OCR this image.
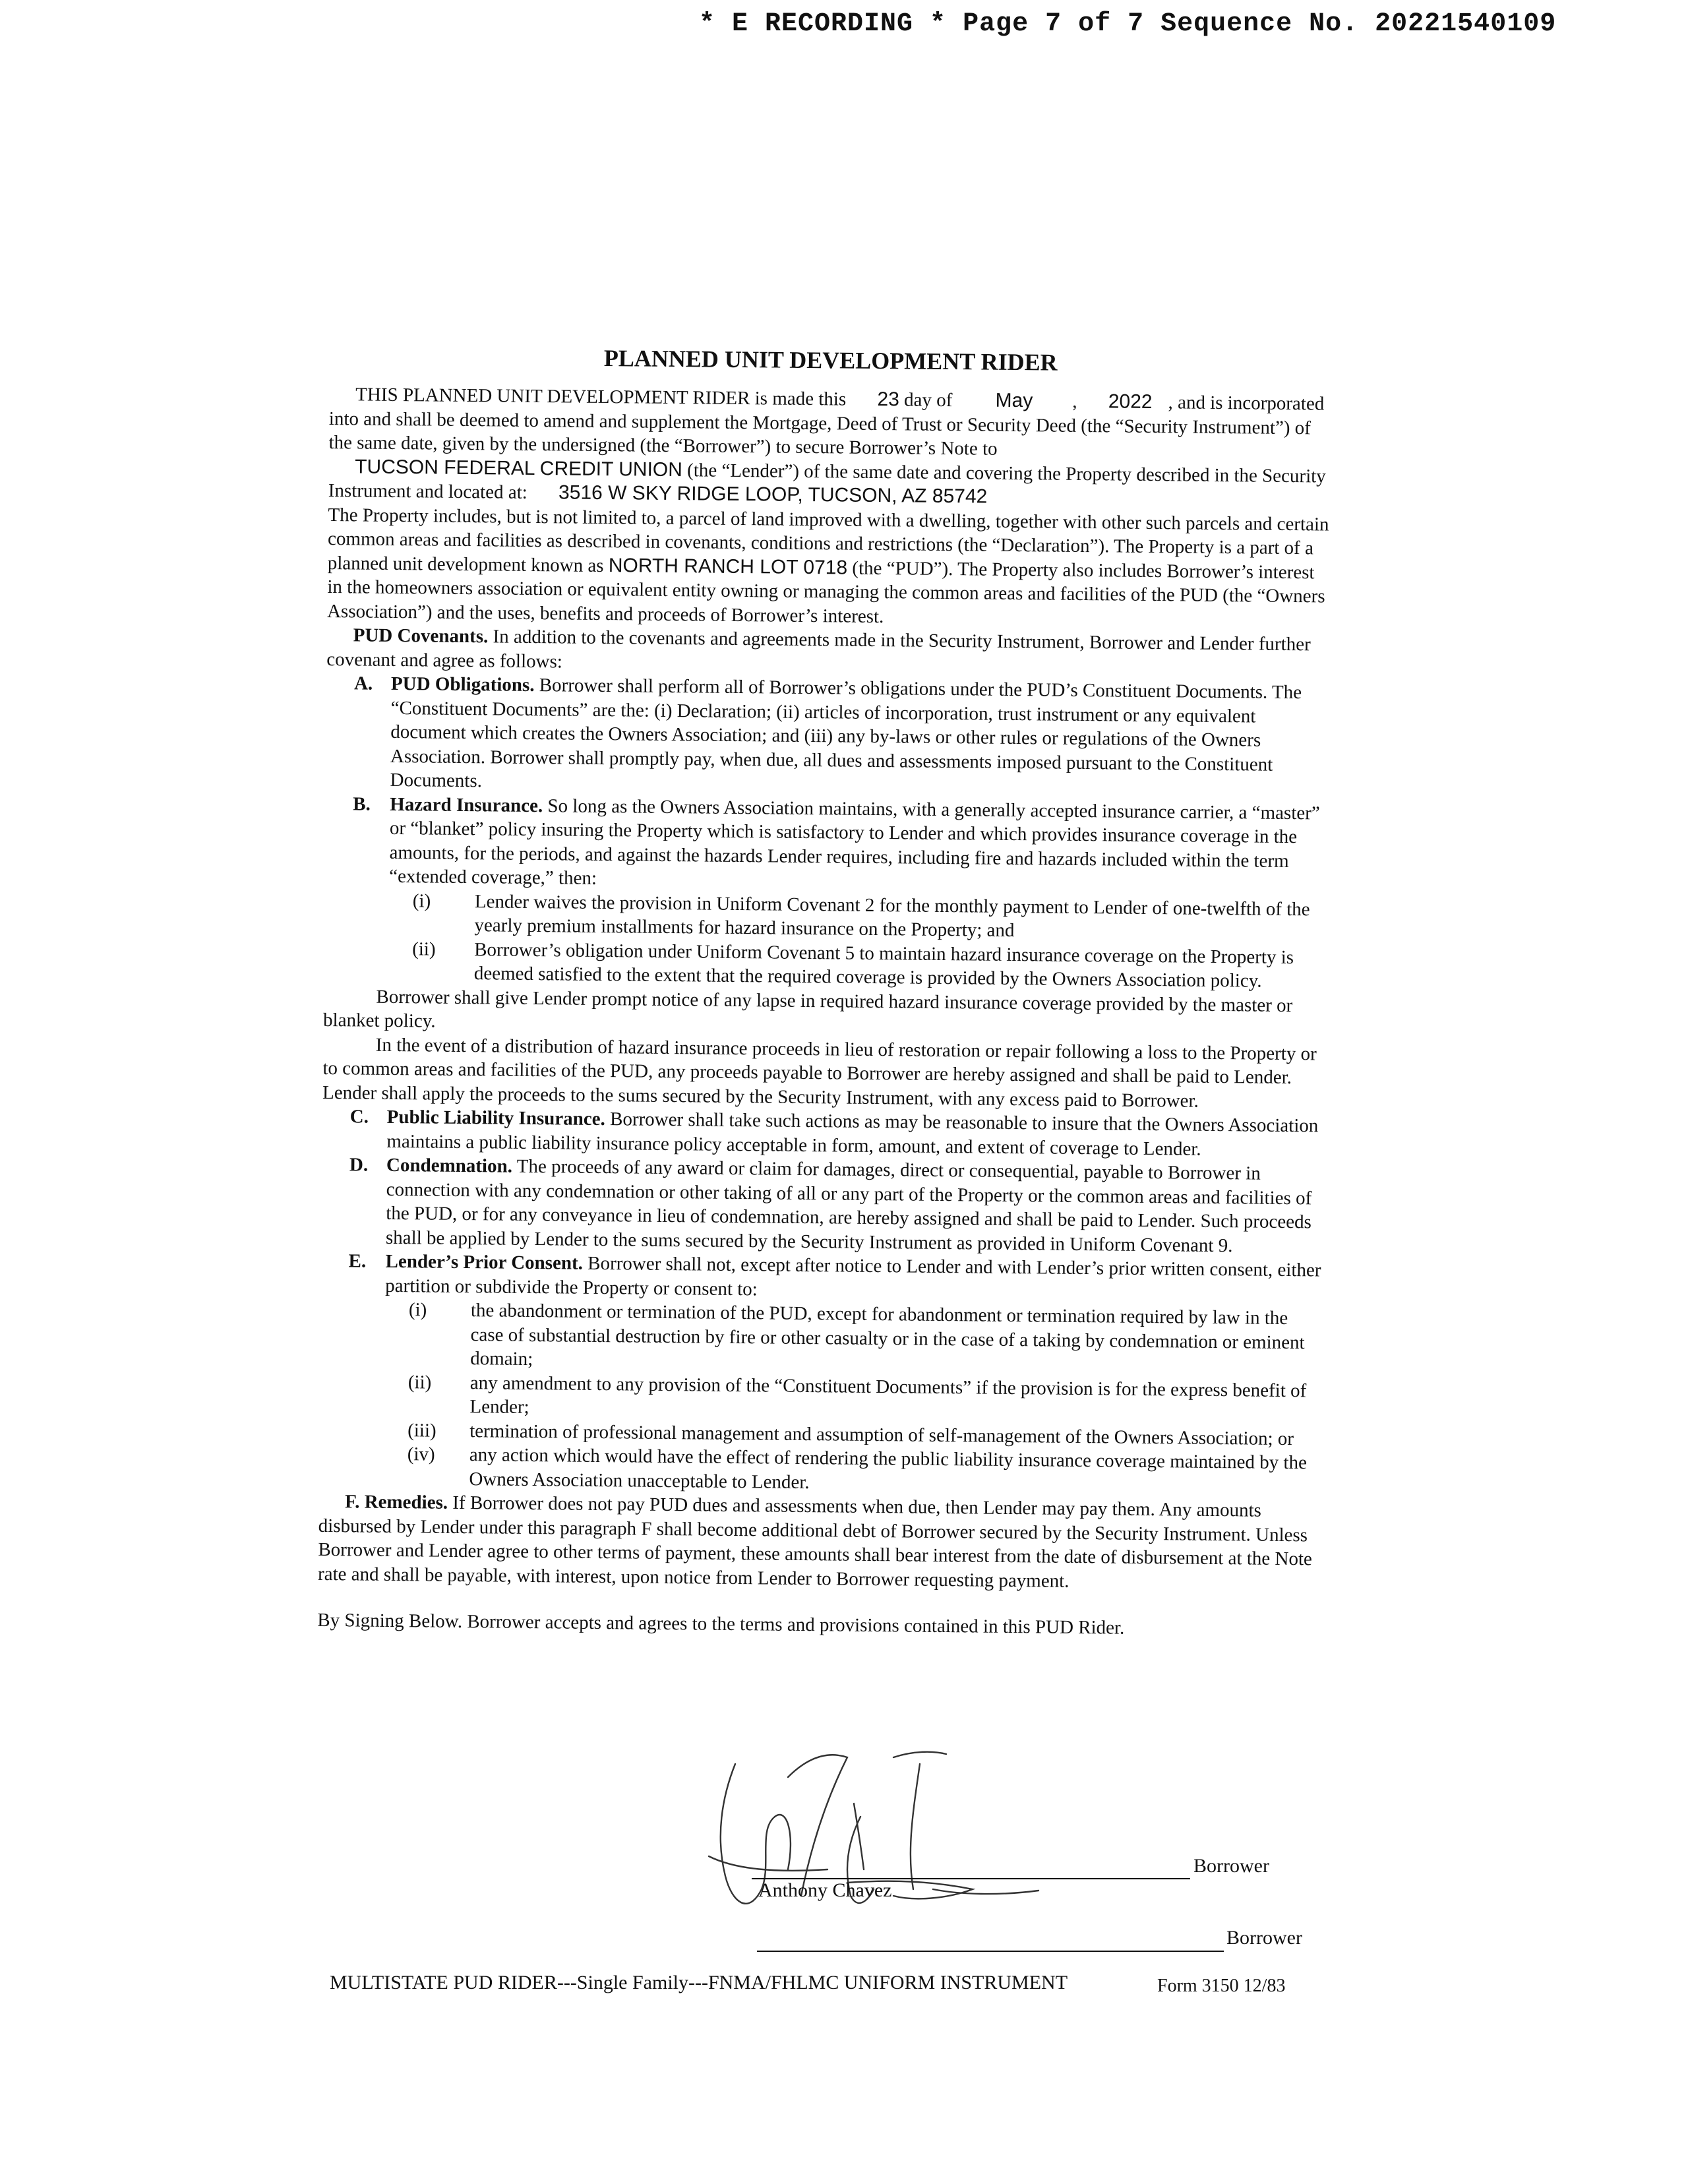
* E RECORDING * Page 7 of 7 Sequence No. 20221540109
PLANNED UNIT DEVELOPMENT RIDER

THIS PLANNED UNIT DEVELOPMENT RIDER is made this 23 day of May , 2022 , and is incorporated into and shall be deemed to amend and supplement the Mortgage, Deed of Trust or Security Deed (the “Security Instrument”) of the same date, given by the undersigned (the “Borrower”) to secure Borrower’s Note to TUCSON FEDERAL CREDIT UNION (the “Lender”) of the same date and covering the Property described in the Security Instrument and located at: 3516 W SKY RIDGE LOOP, TUCSON, AZ 85742

The Property includes, but is not limited to, a parcel of land improved with a dwelling, together with other such parcels and certain common areas and facilities as described in covenants, conditions and restrictions (the “Declaration”). The Property is a part of a planned unit development known as NORTH RANCH LOT 0718 (the “PUD”). The Property also includes Borrower’s interest in the homeowners association or equivalent entity owning or managing the common areas and facilities of the PUD (the “Owners Association”) and the uses, benefits and proceeds of Borrower’s interest.

PUD Covenants. In addition to the covenants and agreements made in the Security Instrument, Borrower and Lender further covenant and agree as follows:

A. PUD Obligations. Borrower shall perform all of Borrower’s obligations under the PUD’s Constituent Documents. The “Constituent Documents” are the: (i) Declaration; (ii) articles of incorporation, trust instrument or any equivalent document which creates the Owners Association; and (iii) any by-laws or other rules or regulations of the Owners Association. Borrower shall promptly pay, when due, all dues and assessments imposed pursuant to the Constituent Documents.

B. Hazard Insurance. So long as the Owners Association maintains, with a generally accepted insurance carrier, a “master” or “blanket” policy insuring the Property which is satisfactory to Lender and which provides insurance coverage in the amounts, for the periods, and against the hazards Lender requires, including fire and hazards included within the term “extended coverage,” then:

(i)	Lender waives the provision in Uniform Covenant 2 for the monthly payment to Lender of one-twelfth of the yearly premium installments for hazard insurance on the Property; and
(ii)	Borrower’s obligation under Uniform Covenant 5 to maintain hazard insurance coverage on the Property is deemed satisfied to the extent that the required coverage is provided by the Owners Association policy.

Borrower shall give Lender prompt notice of any lapse in required hazard insurance coverage provided by the master or blanket policy.

In the event of a distribution of hazard insurance proceeds in lieu of restoration or repair following a loss to the Property or to common areas and facilities of the PUD, any proceeds payable to Borrower are hereby assigned and shall be paid to Lender. Lender shall apply the proceeds to the sums secured by the Security Instrument, with any excess paid to Borrower.

C. Public Liability Insurance. Borrower shall take such actions as may be reasonable to insure that the Owners Association maintains a public liability insurance policy acceptable in form, amount, and extent of coverage to Lender.

D. Condemnation. The proceeds of any award or claim for damages, direct or consequential, payable to Borrower in connection with any condemnation or other taking of all or any part of the Property or the common areas and facilities of the PUD, or for any conveyance in lieu of condemnation, are hereby assigned and shall be paid to Lender. Such proceeds shall be applied by Lender to the sums secured by the Security Instrument as provided in Uniform Covenant 9.

E. Lender’s Prior Consent. Borrower shall not, except after notice to Lender and with Lender’s prior written consent, either partition or subdivide the Property or consent to:

(i)	the abandonment or termination of the PUD, except for abandonment or termination required by law in the case of substantial destruction by fire or other casualty or in the case of a taking by condemnation or eminent domain;
(ii)	any amendment to any provision of the “Constituent Documents” if the provision is for the express benefit of Lender;
(iii)	termination of professional management and assumption of self-management of the Owners Association; or
(iv)	any action which would have the effect of rendering the public liability insurance coverage maintained by the Owners Association unacceptable to Lender.

F. Remedies. If Borrower does not pay PUD dues and assessments when due, then Lender may pay them. Any amounts disbursed by Lender under this paragraph F shall become additional debt of Borrower secured by the Security Instrument. Unless Borrower and Lender agree to other terms of payment, these amounts shall bear interest from the date of disbursement at the Note rate and shall be payable, with interest, upon notice from Lender to Borrower requesting payment.

By Signing Below. Borrower accepts and agrees to the terms and provisions contained in this PUD Rider.

Borrower
Anthony Chavez
Borrower
MULTISTATE PUD RIDER---Single Family---FNMA/FHLMC UNIFORM INSTRUMENT	Form 3150 12/83
